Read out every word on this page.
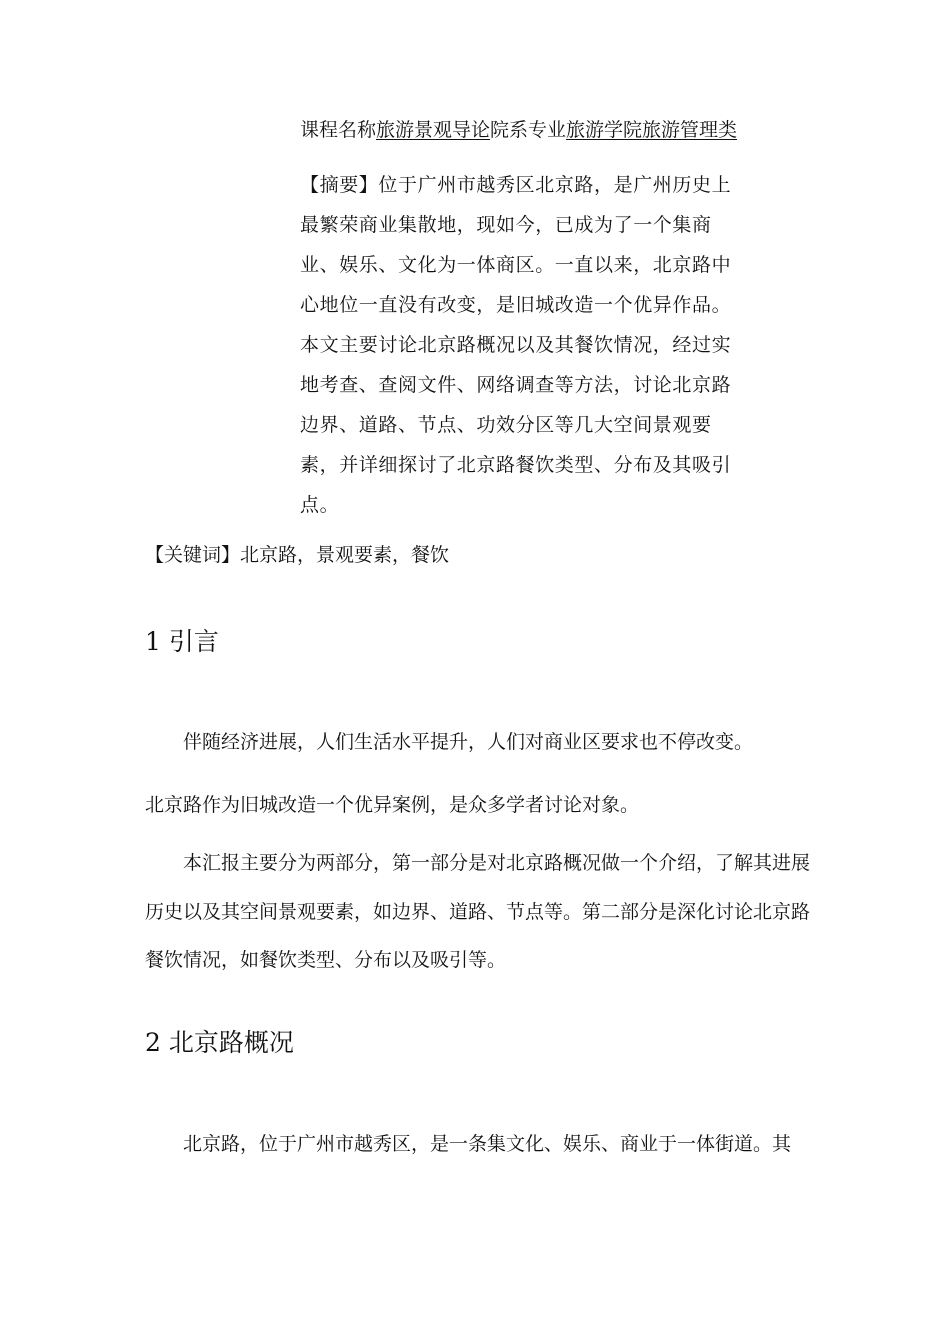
课程名称旅游景观导论院系专业旅游学院旅游管理类
【摘要】位于广州市越秀区北京路，是广州历史上最繁荣商业集散地，现如今，已成为了一个集商业、娱乐、文化为一体商区。一直以来，北京路中心地位一直没有改变，是旧城改造一个优异作品。本文主要讨论北京路概况以及其餐饮情况，经过实地考查、查阅文件、网络调查等方法，讨论北京路边界、道路、节点、功效分区等几大空间景观要素，并详细探讨了北京路餐饮类型、分布及其吸引点。
【关键词】北京路，景观要素，餐饮
1 引言
伴随经济进展，人们生活水平提升，人们对商业区要求也不停改变。
北京路作为旧城改造一个优异案例，是众多学者讨论对象。
本汇报主要分为两部分，第一部分是对北京路概况做一个介绍，了解其进展
历史以及其空间景观要素，如边界、道路、节点等。第二部分是深化讨论北京路
餐饮情况，如餐饮类型、分布以及吸引等。
2 北京路概况
北京路，位于广州市越秀区，是一条集文化、娱乐、商业于一体街道。其
